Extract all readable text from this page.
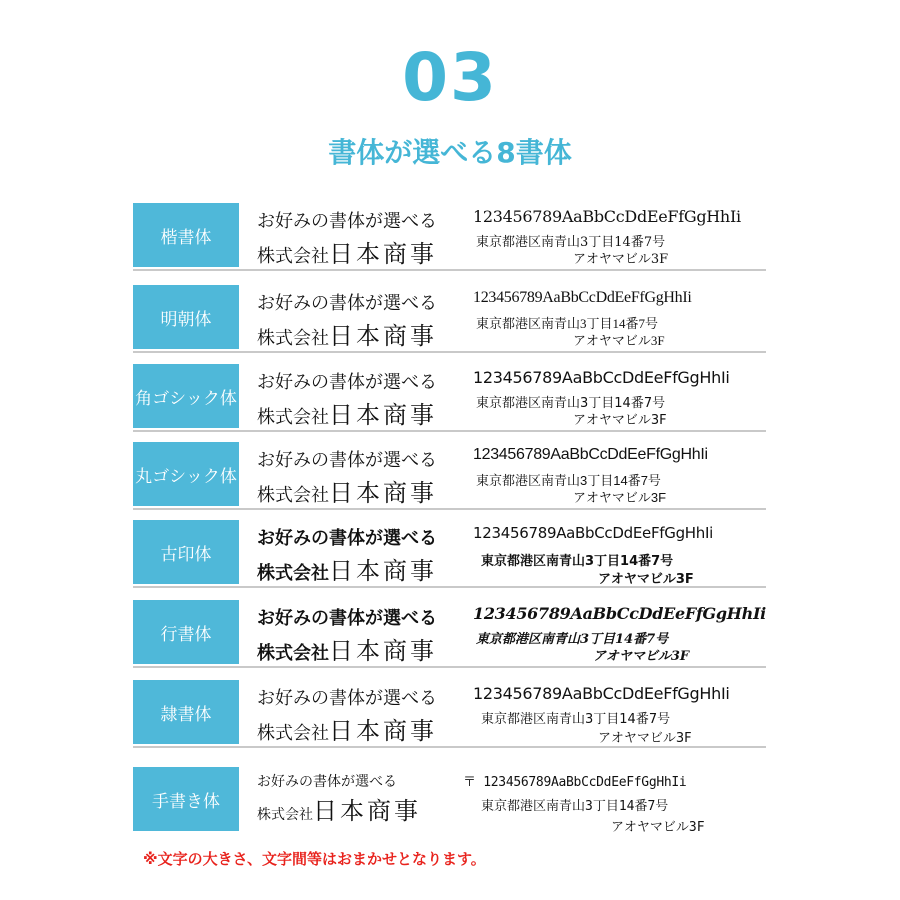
03
書体が選べる8書体
楷書体
お好みの書体が選べる
株式会社日本商事
123456789AaBbCcDdEeFfGgHhIi
東京都港区南青山3丁目14番7号
アオヤマビル3F
明朝体
お好みの書体が選べる
株式会社日本商事
123456789AaBbCcDdEeFfGgHhIi
東京都港区南青山3丁目14番7号
アオヤマビル3F
角ゴシック体
お好みの書体が選べる
株式会社日本商事
123456789AaBbCcDdEeFfGgHhIi
東京都港区南青山3丁目14番7号
アオヤマビル3F
丸ゴシック体
お好みの書体が選べる
株式会社日本商事
123456789AaBbCcDdEeFfGgHhIi
東京都港区南青山3丁目14番7号
アオヤマビル3F
古印体
お好みの書体が選べる
株式会社日本商事
123456789AaBbCcDdEeFfGgHhIi
東京都港区南青山3丁目14番7号
アオヤマビル3F
行書体
お好みの書体が選べる
株式会社日本商事
123456789AaBbCcDdEeFfGgHhIi
東京都港区南青山3丁目14番7号
アオヤマビル3F
隷書体
お好みの書体が選べる
株式会社日本商事
123456789AaBbCcDdEeFfGgHhIi
東京都港区南青山3丁目14番7号
アオヤマビル3F
手書き体
お好みの書体が選べる
株式会社日本商事
〒 123456789AaBbCcDdEeFfGgHhIi
東京都港区南青山3丁目14番7号
アオヤマビル3F
※文字の大きさ、文字間等はおまかせとなります。
